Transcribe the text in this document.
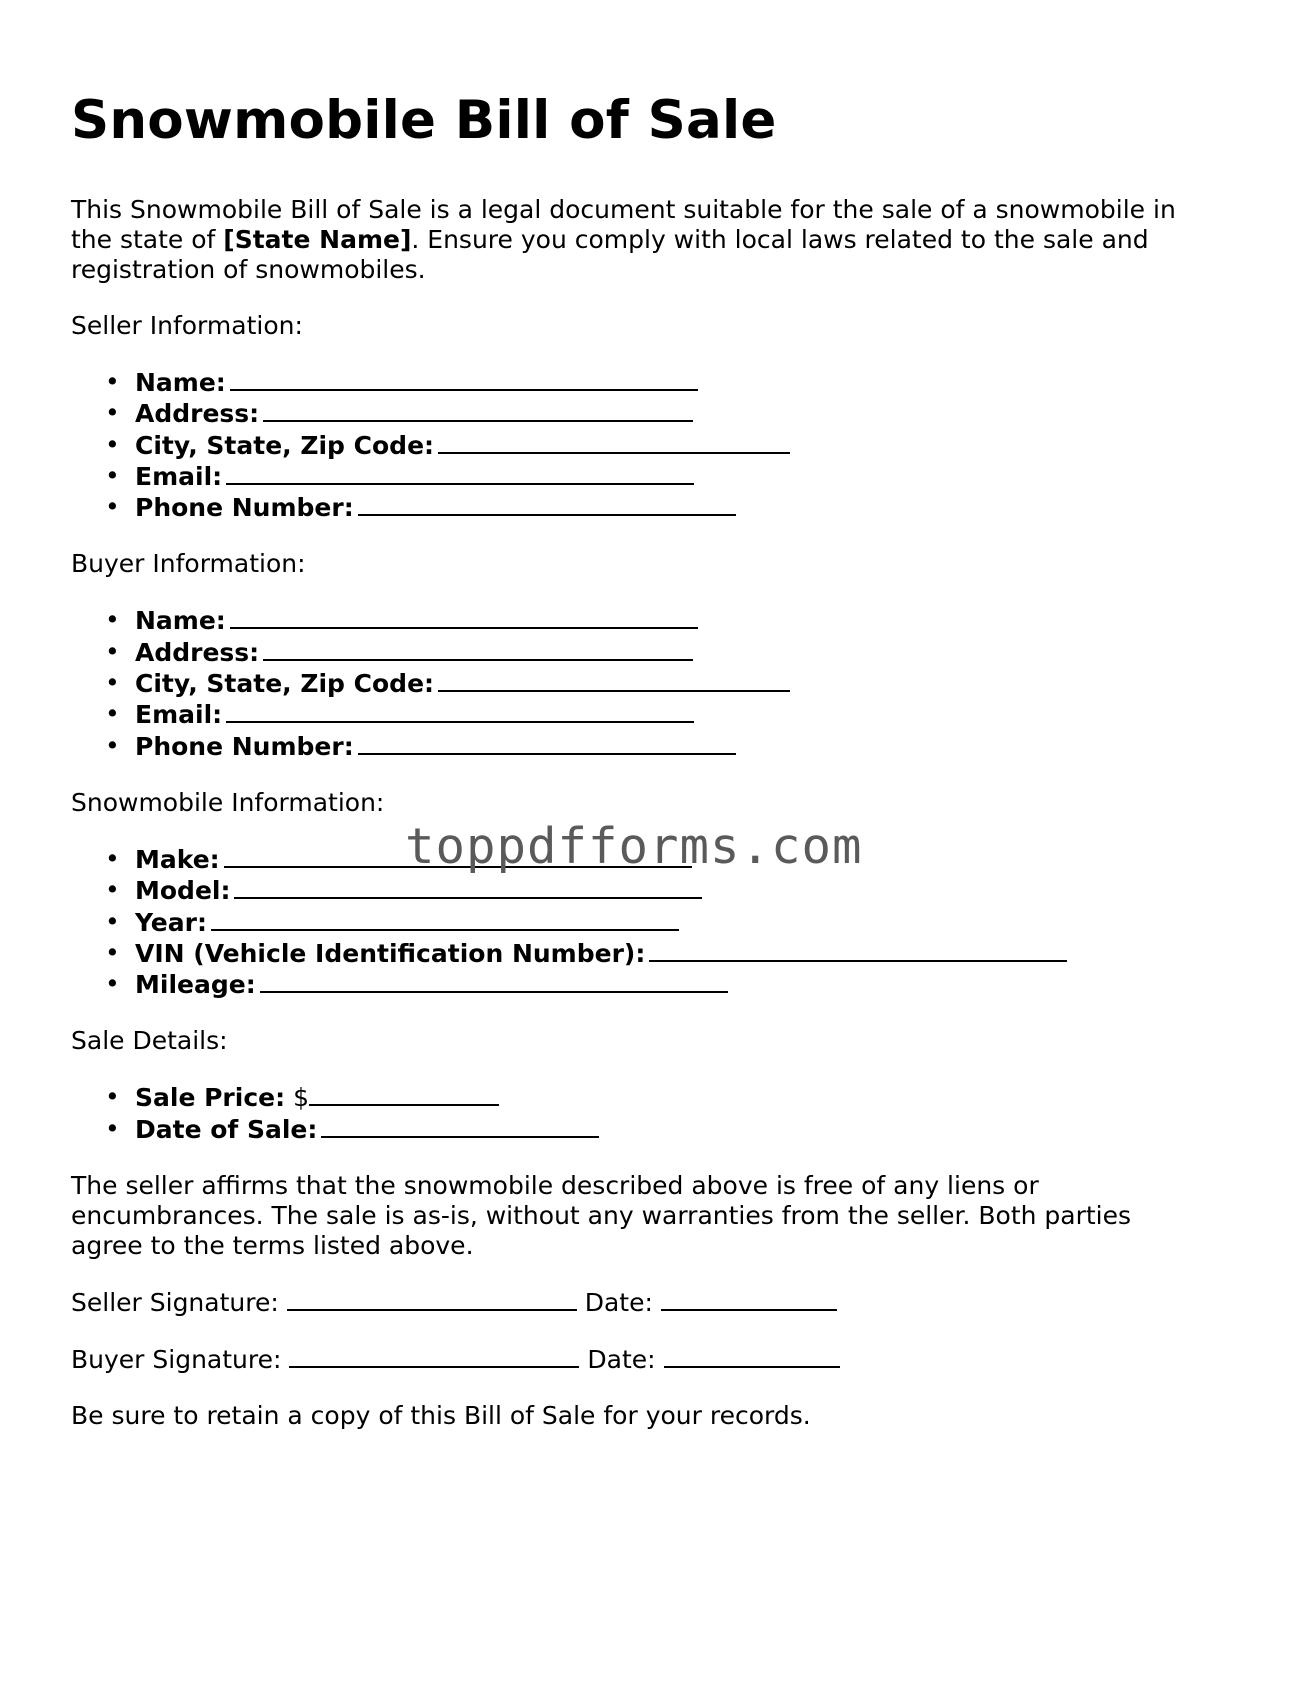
Snowmobile Bill of Sale

This Snowmobile Bill of Sale is a legal document suitable for the sale of a snowmobile in the state of [State Name]. Ensure you comply with local laws related to the sale and registration of snowmobiles.

Seller Information:

• Name:
• Address:
• City, State, Zip Code:
• Email:
• Phone Number:

Buyer Information:

• Name:
• Address:
• City, State, Zip Code:
• Email:
• Phone Number:

Snowmobile Information:

• Make:
• Model:
• Year:
• VIN (Vehicle Identification Number):
• Mileage:

Sale Details:

• Sale Price: $
• Date of Sale:

The seller affirms that the snowmobile described above is free of any liens or encumbrances. The sale is as-is, without any warranties from the seller. Both parties agree to the terms listed above.

Seller Signature:	Date:

Buyer Signature:	Date:

Be sure to retain a copy of this Bill of Sale for your records.

toppdfforms.com
